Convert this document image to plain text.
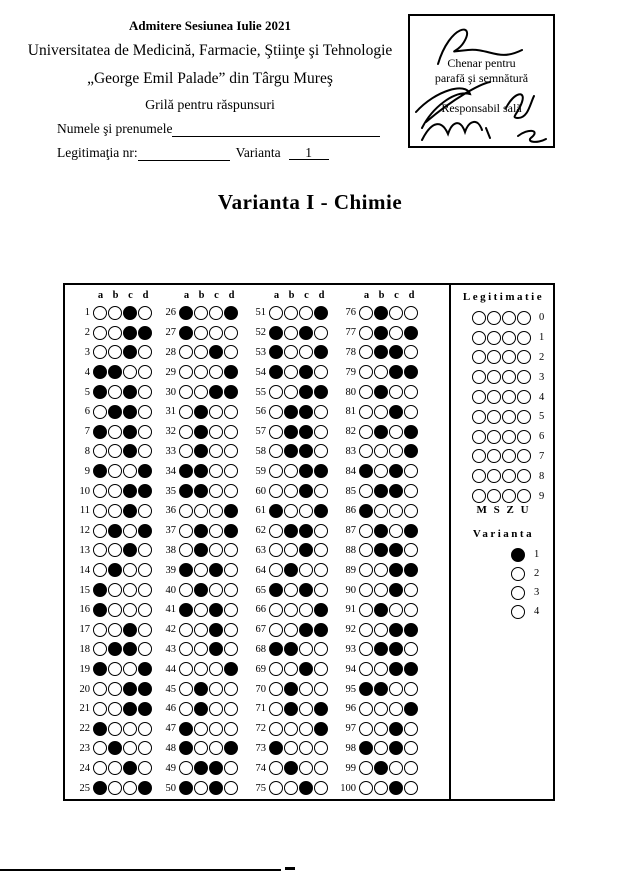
Admitere Sesiunea Iulie 2021
Universitatea de Medicină, Farmacie, Ştiinţe şi Tehnologie
„George Emil Palade” din Târgu Mureş
Grilă pentru răspunsuri
Numele şi prenumele
Legitimaţia nr:	Varianta 1
Chenar pentru
parafă şi semnătură
Responsabil sală
Varianta I - Chimie
a b c d
1
2
3
4
5
6
7
8
9
10
11
12
13
14
15
16
17
18
19
20
21
22
23
24
25
a b c d
26
27
28
29
30
31
32
33
34
35
36
37
38
39
40
41
42
43
44
45
46
47
48
49
50
a b c d
51
52
53
54
55
56
57
58
59
60
61
62
63
64
65
66
67
68
69
70
71
72
73
74
75
a b c d
76
77
78
79
80
81
82
83
84
85
86
87
88
89
90
91
92
93
94
95
96
97
98
99
100
Legitimatie
0
1
2
3
4
5
6
7
8
9
M S Z U
Varianta
1
2
3
4
